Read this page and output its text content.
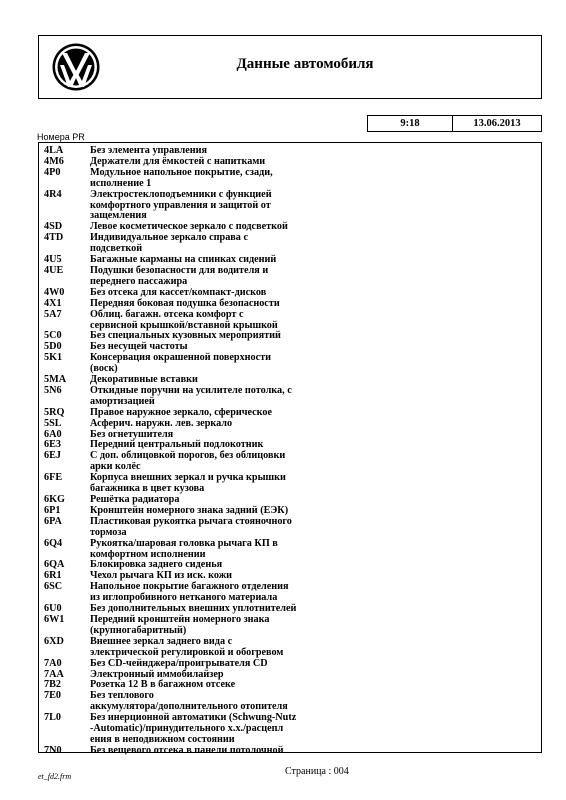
Данные автомобиля
9:18	13.06.2013
Номера PR
4LA	Без элемента управления
4M6	Держатели для ёмкостей с напитками
4P0	Модульное напольное покрытие, сзади,
исполнение 1
4R4	Электростеклоподъемники с функцией
комфортного управления и защитой от
защемления
4SD	Левое косметическое зеркало с подсветкой
4TD	Индивидуальное зеркало справа с
подсветкой
4U5	Багажные карманы на спинках сидений
4UE	Подушки безопасности для водителя и
переднего пассажира
4W0	Без отсека для кассет/компакт-дисков
4X1	Передняя боковая подушка безопасности
5A7	Облиц. багажн. отсека комфорт с
сервисной крышкой/вставной крышкой
5C0	Без специальных кузовных мероприятий
5D0	Без несущей частоты
5K1	Консервация окрашенной поверхности
(воск)
5MA	Декоративные вставки
5N6	Откидные поручни на усилителе потолка, с
амортизацией
5RQ	Правое наружное зеркало, сферическое
5SL	Асферич. наружн. лев. зеркало
6A0	Без огнетушителя
6E3	Передний центральный подлокотник
6EJ	С доп. облицовкой порогов, без облицовки
арки колёс
6FE	Корпуса внешних зеркал и ручка крышки
багажника в цвет кузова
6KG	Решётка радиатора
6P1	Кронштейн номерного знака задний (ЕЭК)
6PA	Пластиковая рукоятка рычага стояночного
тормоза
6Q4	Рукоятка/шаровая головка рычага КП в
комфортном исполнении
6QA	Блокировка заднего сиденья
6R1	Чехол рычага КП из иск. кожи
6SC	Напольное покрытие багажного отделения
из иглопробивного нетканого материала
6U0	Без дополнительных внешних уплотнителей
6W1	Передний кронштейн номерного знака
(крупногабаритный)
6XD	Внешнее зеркал заднего вида с
электрической регулировкой и обогревом
7A0	Без CD-чейнджера/проигрывателя CD
7AA	Электронный иммобилайзер
7B2	Розетка 12 В в багажном отсеке
7E0	Без теплового
аккумулятора/дополнительного отопителя
7L0	Без инерционной автоматики (Schwung-Nutz
-Automatic)/принудительного х.х./расцепл
ения в неподвижном состоянии
7N0	Без вещевого отсека в панели потолочной
et_fd2.frm	Страница : 004
